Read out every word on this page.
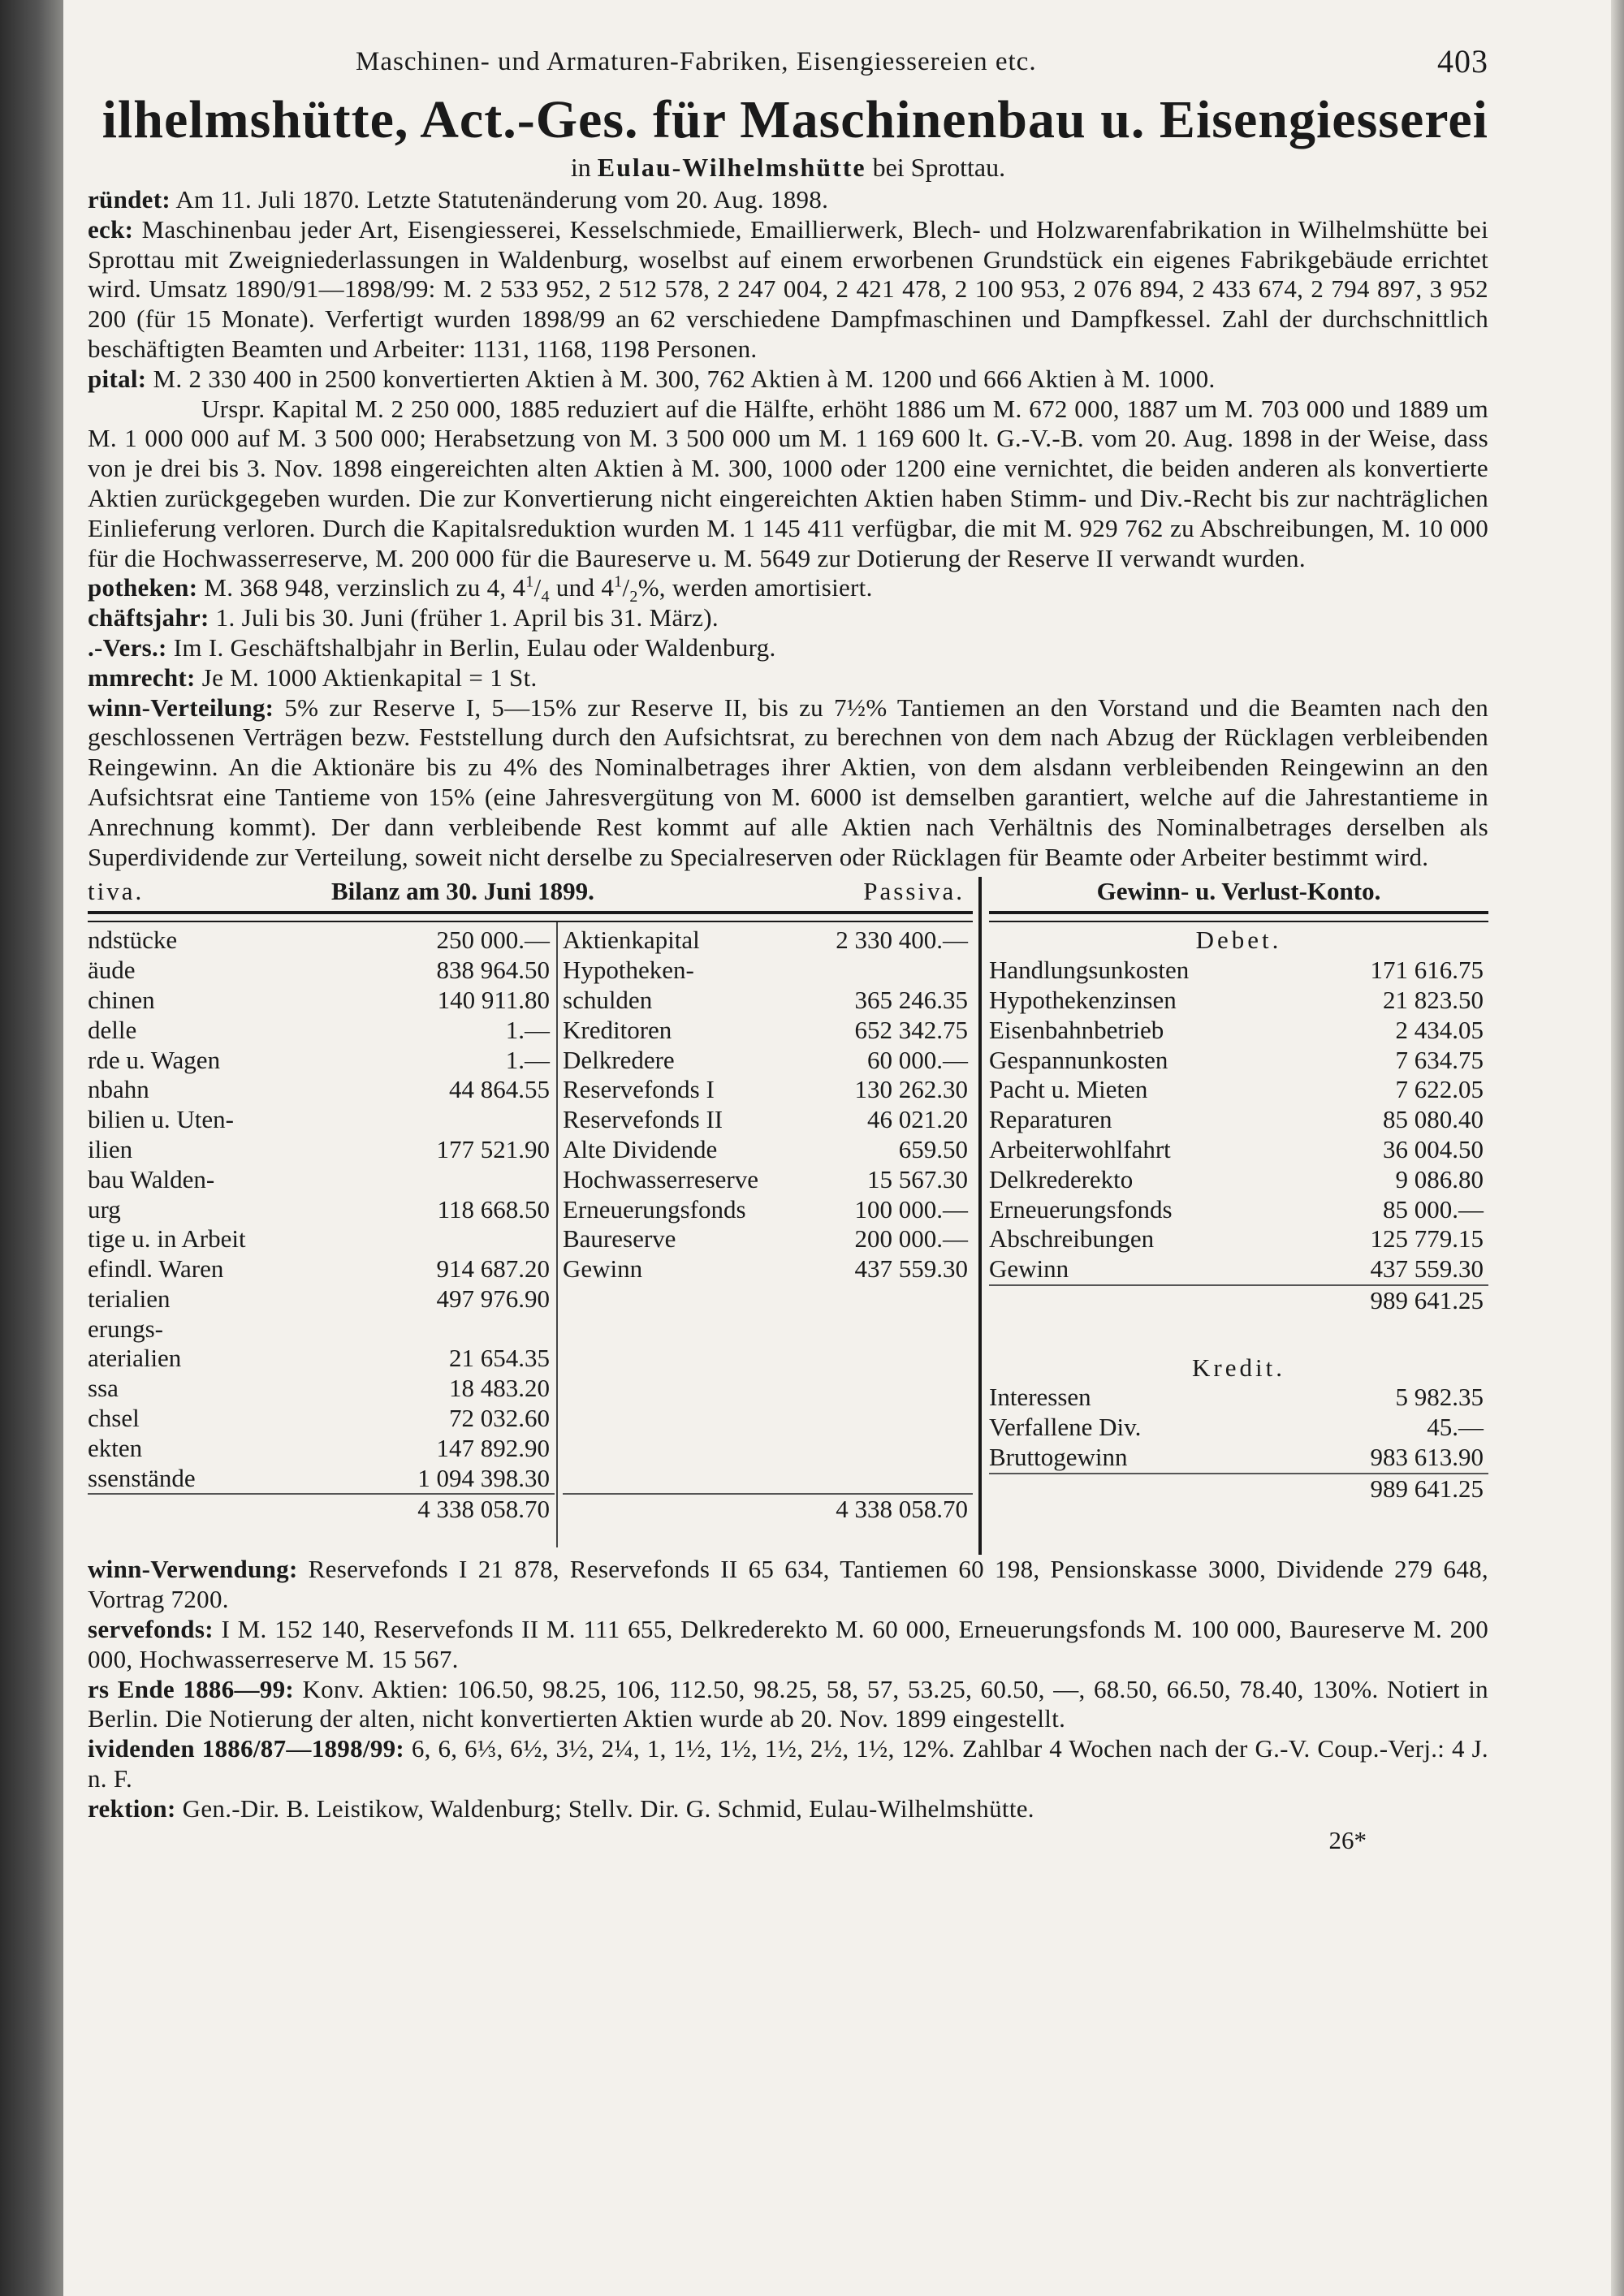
Maschinen- und Armaturen-Fabriken, Eisengiessereien etc.	403
ilhelmshütte, Act.-Ges. für Maschinenbau u. Eisengiesserei
in Eulau-Wilhelmshütte bei Sprottau.

ründet: Am 11. Juli 1870. Letzte Statutenänderung vom 20. Aug. 1898.

eck: Maschinenbau jeder Art, Eisengiesserei, Kesselschmiede, Emaillierwerk, Blech- und Holzwarenfabrikation in Wilhelmshütte bei Sprottau mit Zweigniederlassungen in Waldenburg, woselbst auf einem erworbenen Grundstück ein eigenes Fabrikgebäude errichtet wird. Umsatz 1890/91—1898/99: M. 2 533 952, 2 512 578, 2 247 004, 2 421 478, 2 100 953, 2 076 894, 2 433 674, 2 794 897, 3 952 200 (für 15 Monate). Verfertigt wurden 1898/99 an 62 verschiedene Dampfmaschinen und Dampfkessel. Zahl der durchschnittlich beschäftigten Beamten und Arbeiter: 1131, 1168, 1198 Personen.

pital: M. 2 330 400 in 2500 konvertierten Aktien à M. 300, 762 Aktien à M. 1200 und 666 Aktien à M. 1000.

Urspr. Kapital M. 2 250 000, 1885 reduziert auf die Hälfte, erhöht 1886 um M. 672 000, 1887 um M. 703 000 und 1889 um M. 1 000 000 auf M. 3 500 000; Herabsetzung von M. 3 500 000 um M. 1 169 600 lt. G.-V.-B. vom 20. Aug. 1898 in der Weise, dass von je drei bis 3. Nov. 1898 eingereichten alten Aktien à M. 300, 1000 oder 1200 eine vernichtet, die beiden anderen als konvertierte Aktien zurückgegeben wurden. Die zur Konvertierung nicht eingereichten Aktien haben Stimm- und Div.-Recht bis zur nachträglichen Einlieferung verloren. Durch die Kapitalsreduktion wurden M. 1 145 411 verfügbar, die mit M. 929 762 zu Abschreibungen, M. 10 000 für die Hochwasserreserve, M. 200 000 für die Baureserve u. M. 5649 zur Dotierung der Reserve II verwandt wurden.

potheken: M. 368 948, verzinslich zu 4, $4^1/_4$ und $4^1/_2\%$, werden amortisiert.

chäftsjahr: 1. Juli bis 30. Juni (früher 1. April bis 31. März).

.-Vers.: Im I. Geschäftshalbjahr in Berlin, Eulau oder Waldenburg.

mmrecht: Je M. 1000 Aktienkapital = 1 St.

winn-Verteilung: 5% zur Reserve I, 5—15% zur Reserve II, bis zu 7½% Tantiemen an den Vorstand und die Beamten nach den geschlossenen Verträgen bezw. Feststellung durch den Aufsichtsrat, zu berechnen von dem nach Abzug der Rücklagen verbleibenden Reingewinn. An die Aktionäre bis zu 4% des Nominalbetrages ihrer Aktien, von dem alsdann verbleibenden Reingewinn an den Aufsichtsrat eine Tantieme von 15% (eine Jahresvergütung von M. 6000 ist demselben garantiert, welche auf die Jahrestantieme in Anrechnung kommt). Der dann verbleibende Rest kommt auf alle Aktien nach Verhältnis des Nominalbetrages derselben als Superdividende zur Verteilung, soweit nicht derselbe zu Specialreserven oder Rücklagen für Beamte oder Arbeiter bestimmt wird.

tiva.	Bilanz am 30. Juni 1899.	Passiva.
ndstücke	250 000.—
äude	838 964.50
chinen	140 911.80
delle	1.—
rde u. Wagen	1.—
nbahn	44 864.55
bilien u. Uten-
ilien	177 521.90
bau Walden-
urg	118 668.50
tige u. in Arbeit
efindl. Waren	914 687.20
terialien	497 976.90
erungs-
aterialien	21 654.35
ssa	18 483.20
chsel	72 032.60
ekten	147 892.90
ssenstände	1 094 398.30
4 338 058.70
Aktienkapital	2 330 400.—
Hypotheken-
schulden	365 246.35
Kreditoren	652 342.75
Delkredere	60 000.—
Reservefonds I	130 262.30
Reservefonds II	46 021.20
Alte Dividende	659.50
Hochwasserreserve	15 567.30
Erneuerungsfonds	100 000.—
Baureserve	200 000.—
Gewinn	437 559.30
4 338 058.70
Gewinn- u. Verlust-Konto.
Debet.
Handlungsunkosten	171 616.75
Hypothekenzinsen	21 823.50
Eisenbahnbetrieb	2 434.05
Gespannunkosten	7 634.75
Pacht u. Mieten	7 622.05
Reparaturen	85 080.40
Arbeiterwohlfahrt	36 004.50
Delkrederekto	9 086.80
Erneuerungsfonds	85 000.—
Abschreibungen	125 779.15
Gewinn	437 559.30
989 641.25
Kredit.
Interessen	5 982.35
Verfallene Div.	45.—
Bruttogewinn	983 613.90
989 641.25

winn-Verwendung: Reservefonds I 21 878, Reservefonds II 65 634, Tantiemen 60 198, Pensionskasse 3000, Dividende 279 648, Vortrag 7200.

servefonds: I M. 152 140, Reservefonds II M. 111 655, Delkrederekto M. 60 000, Erneuerungsfonds M. 100 000, Baureserve M. 200 000, Hochwasserreserve M. 15 567.

rs Ende 1886—99: Konv. Aktien: 106.50, 98.25, 106, 112.50, 98.25, 58, 57, 53.25, 60.50, —, 68.50, 66.50, 78.40, 130%. Notiert in Berlin. Die Notierung der alten, nicht konvertierten Aktien wurde ab 20. Nov. 1899 eingestellt.

ividenden 1886/87—1898/99: 6, 6, 6⅓, 6½, 3½, 2¼, 1, 1½, 1½, 1½, 2½, 1½, 12%. Zahlbar 4 Wochen nach der G.-V. Coup.-Verj.: 4 J. n. F.

rektion: Gen.-Dir. B. Leistikow, Waldenburg; Stellv. Dir. G. Schmid, Eulau-Wilhelmshütte.

26*
